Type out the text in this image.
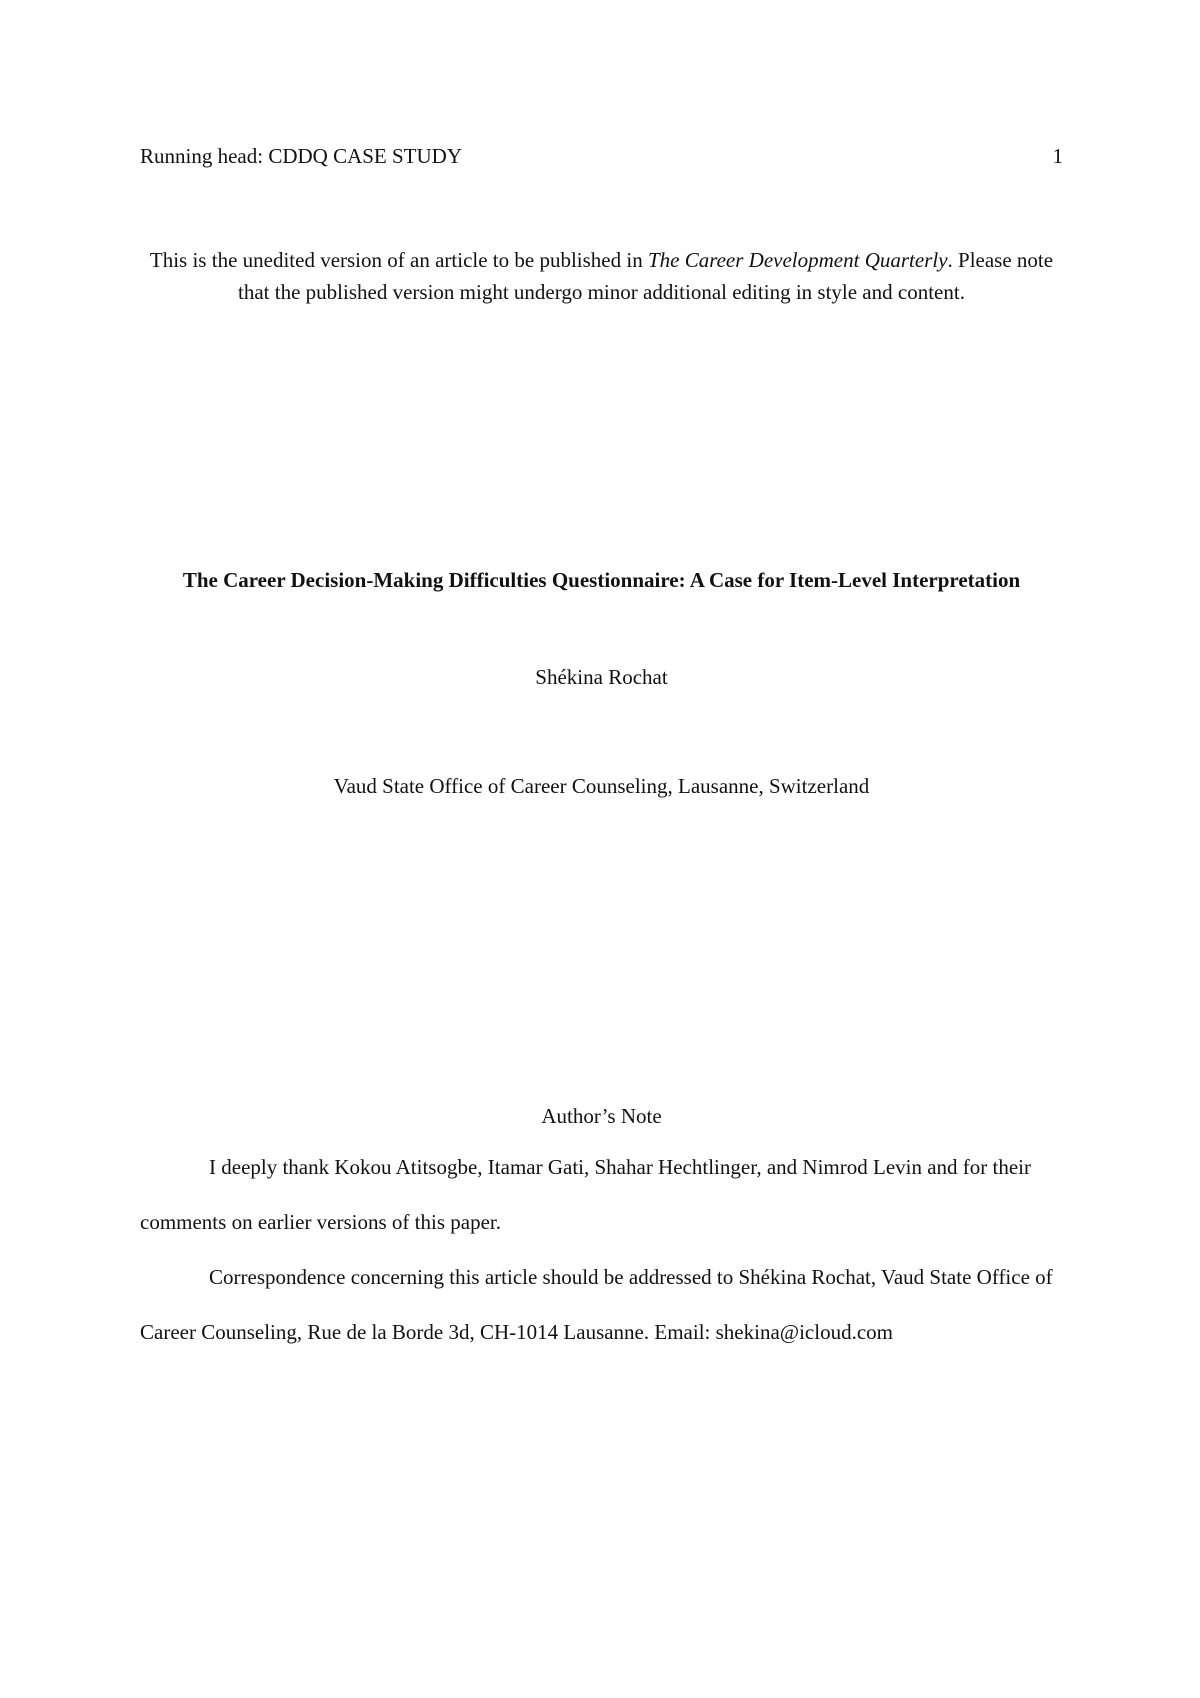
Running head: CDDQ CASE STUDY	1
This is the unedited version of an article to be published in The Career Development Quarterly. Please note that the published version might undergo minor additional editing in style and content.
The Career Decision-Making Difficulties Questionnaire: A Case for Item-Level Interpretation
Shékina Rochat
Vaud State Office of Career Counseling, Lausanne, Switzerland
Author’s Note

I deeply thank Kokou Atitsogbe, Itamar Gati, Shahar Hechtlinger, and Nimrod Levin and for their comments on earlier versions of this paper.

Correspondence concerning this article should be addressed to Shékina Rochat, Vaud State Office of Career Counseling, Rue de la Borde 3d, CH-1014 Lausanne. Email: shekina@icloud.com
